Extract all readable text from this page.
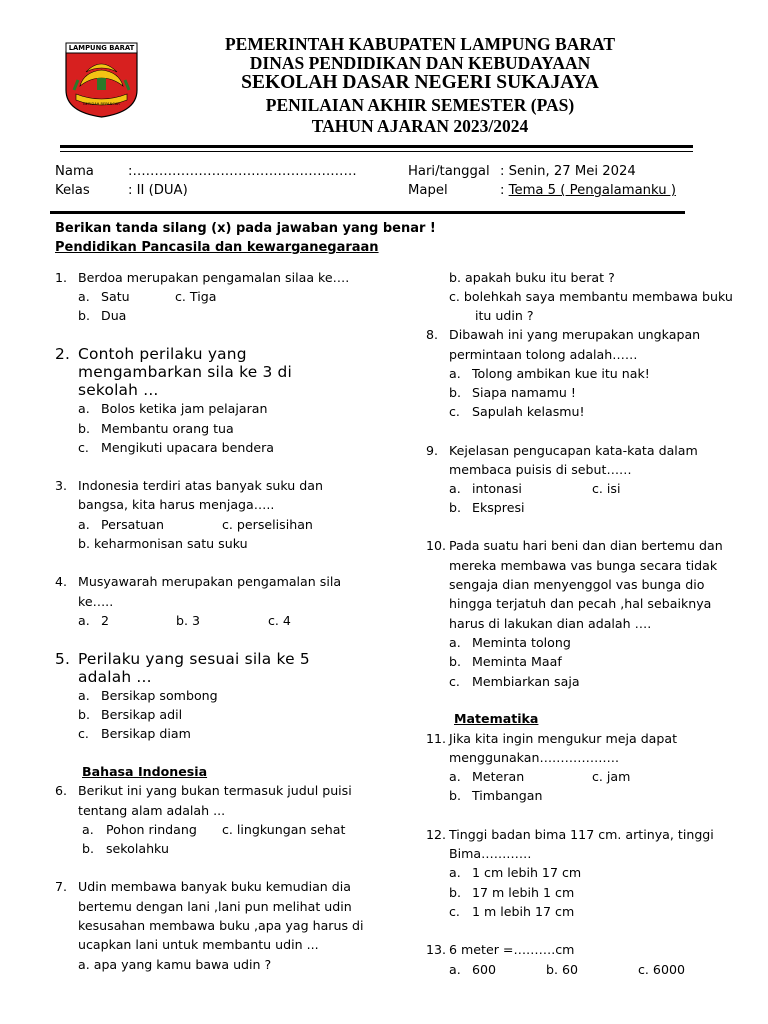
LAMPUNG BARAT
BERIDAH BEPANCAR
PEMERINTAH KABUPATEN LAMPUNG BARAT
DINAS PENDIDIKAN DAN KEBUDAYAAN
SEKOLAH DASAR NEGERI SUKAJAYA
PENILAIAN AKHIR SEMESTER (PAS)
TAHUN AJARAN 2023/2024
Nama	:……………………………………………
Kelas	: II (DUA)
Hari/tanggal : Senin, 27 Mei 2024
Mapel	: Tema 5 ( Pengalamanku )
Berikan tanda silang (x) pada jawaban yang benar !
Pendidikan Pancasila dan kewarganegaraan
1. Berdoa merupakan pengamalan silaa ke….
a. Satu	c. Tiga
b. Dua
2. Contoh perilaku yang
mengambarkan sila ke 3 di
sekolah ...
a. Bolos ketika jam pelajaran
b. Membantu orang tua
c. Mengikuti upacara bendera
3. Indonesia terdiri atas banyak suku dan
bangsa, kita harus menjaga…..
a. Persatuan	c. perselisihan
b. keharmonisan satu suku
4. Musyawarah merupakan pengamalan sila
ke…..
a. 2	b. 3	c. 4
5. Perilaku yang sesuai sila ke 5
adalah ...
a. Bersikap sombong
b. Bersikap adil
c. Bersikap diam
Bahasa Indonesia
6. Berikut ini yang bukan termasuk judul puisi
tentang alam adalah ...
a. Pohon rindang c. lingkungan sehat
b. sekolahku
7. Udin membawa banyak buku kemudian dia
bertemu dengan lani ,lani pun melihat udin
kesusahan membawa buku ,apa yag harus di
ucapkan lani untuk membantu udin ...
a. apa yang kamu bawa udin ?
b. apakah buku itu berat ?
c. bolehkah saya membantu membawa buku
itu udin ?
8. Dibawah ini yang merupakan ungkapan
permintaan tolong adalah……
a. Tolong ambikan kue itu nak!
b. Siapa namamu !
c. Sapulah kelasmu!
9. Kejelasan pengucapan kata-kata dalam
membaca puisis di sebut……
a. intonasi	c. isi
b. Ekspresi
10. Pada suatu hari beni dan dian bertemu dan
mereka membawa vas bunga secara tidak
sengaja dian menyenggol vas bunga dio
hingga terjatuh dan pecah ,hal sebaiknya
harus di lakukan dian adalah ….
a. Meminta tolong
b. Meminta Maaf
c. Membiarkan saja
Matematika
11. Jika kita ingin mengukur meja dapat
menggunakan……………….
a. Meteran	c. jam
b. Timbangan
12. Tinggi badan bima 117 cm. artinya, tinggi
Bima…………
a. 1 cm lebih 17 cm
b. 17 m lebih 1 cm
c. 1 m lebih 17 cm
13. 6 meter =……….cm
a. 600	b. 60	c. 6000
